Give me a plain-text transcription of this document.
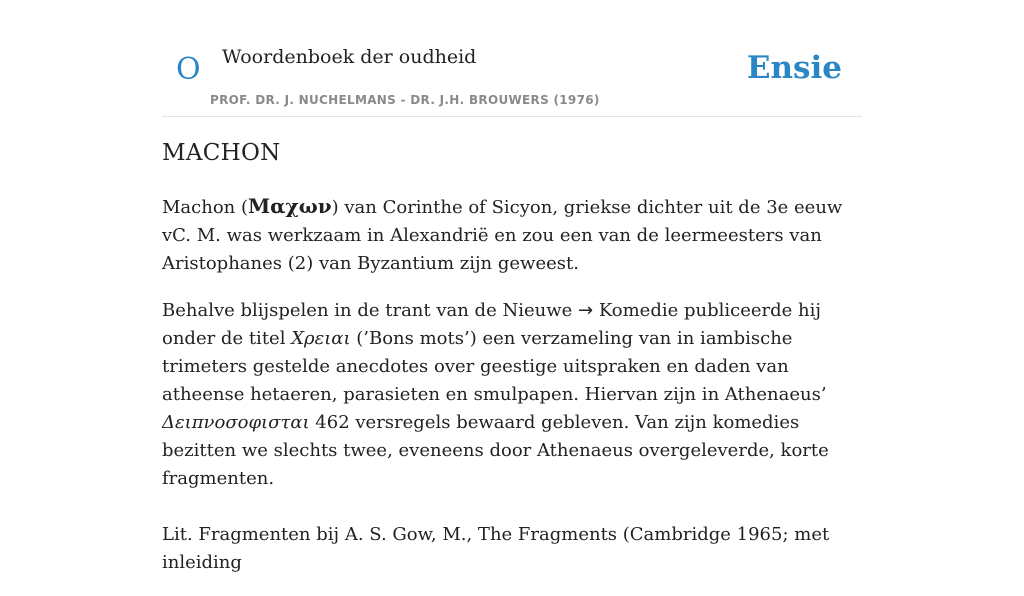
O Woordenboek der oudheid
PROF. DR. J. NUCHELMANS - DR. J.H. BROUWERS (1976)
Ensie
MACHON

Machon (Μαχων) van Corinthe of Sicyon, griekse dichter uit de 3e eeuw vC. M. was werkzaam in Alexandrië en zou een van de leermeesters van Aristophanes (2) van Byzantium zijn geweest.

Behalve blijspelen in de trant van de Nieuwe → Komedie publiceerde hij onder de titel Χρειαι (’Bons mots’) een verzameling van in iambische trimeters gestelde anecdotes over geestige uitspraken en daden van atheense hetaeren, parasieten en smulpapen. Hiervan zijn in Athenaeus’ Δειπνοσοφισται 462 versregels bewaard gebleven. Van zijn komedies bezitten we slechts twee, eveneens door Athenaeus overgeleverde, korte fragmenten.

Lit. Fragmenten bij A. S. Gow, M., The Fragments (Cambridge 1965; met inleiding
